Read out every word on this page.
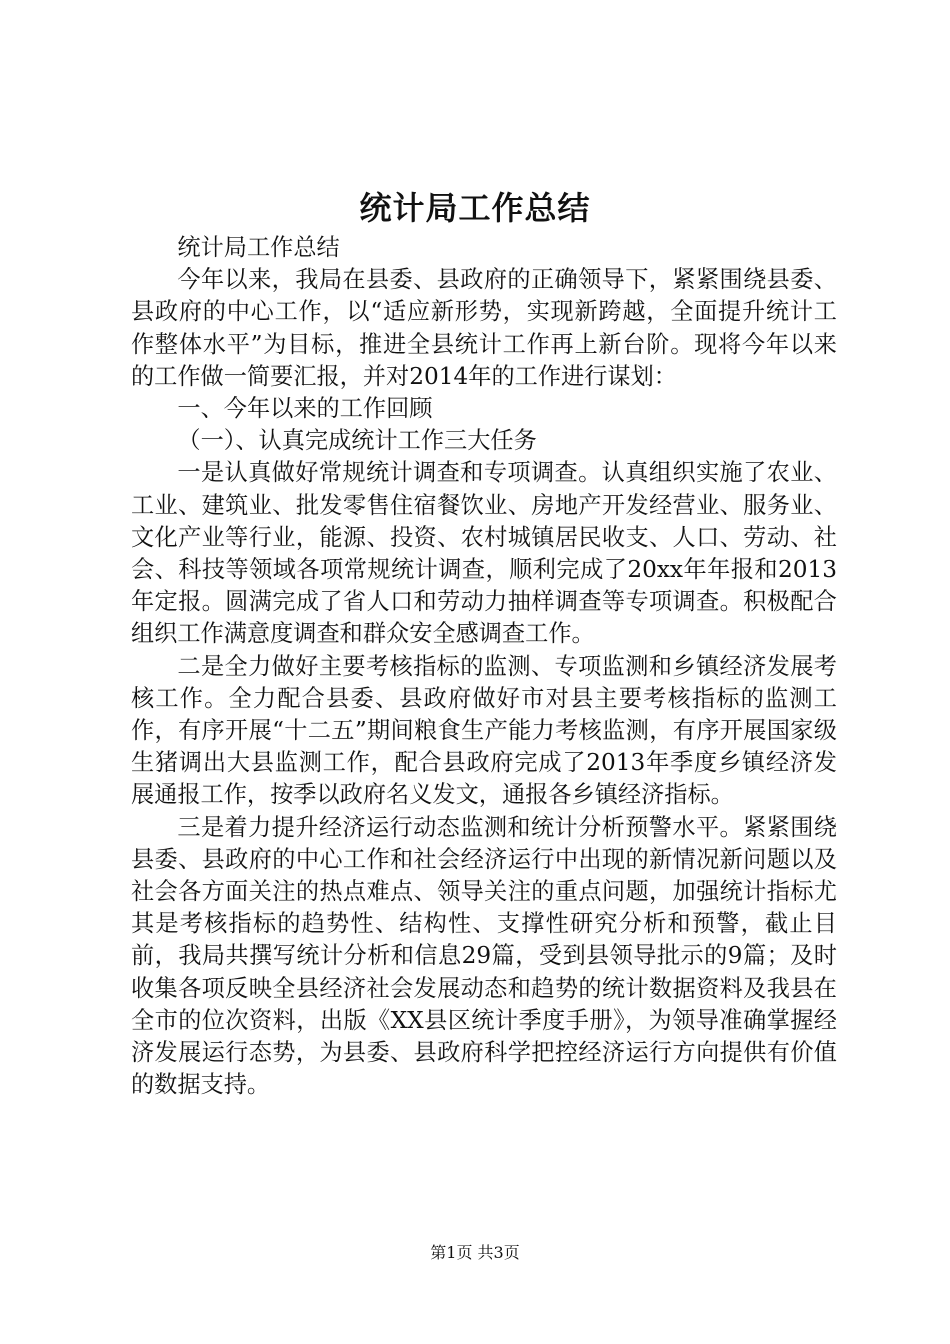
统计局工作总结

统计局工作总结

今年以来，我局在县委、县政府的正确领导下，紧紧围绕县委、县政府的中心工作，以“适应新形势，实现新跨越，全面提升统计工作整体水平”为目标，推进全县统计工作再上新台阶。现将今年以来的工作做一简要汇报，并对2014年的工作进行谋划：

一、今年以来的工作回顾

（一）、认真完成统计工作三大任务

一是认真做好常规统计调查和专项调查。认真组织实施了农业、工业、建筑业、批发零售住宿餐饮业、房地产开发经营业、服务业、文化产业等行业，能源、投资、农村城镇居民收支、人口、劳动、社会、科技等领域各项常规统计调查，顺利完成了20xx年年报和2013年定报。圆满完成了省人口和劳动力抽样调查等专项调查。积极配合组织工作满意度调查和群众安全感调查工作。

二是全力做好主要考核指标的监测、专项监测和乡镇经济发展考核工作。全力配合县委、县政府做好市对县主要考核指标的监测工作，有序开展“十二五”期间粮食生产能力考核监测，有序开展国家级生猪调出大县监测工作，配合县政府完成了2013年季度乡镇经济发展通报工作，按季以政府名义发文，通报各乡镇经济指标。

三是着力提升经济运行动态监测和统计分析预警水平。紧紧围绕县委、县政府的中心工作和社会经济运行中出现的新情况新问题以及社会各方面关注的热点难点、领导关注的重点问题，加强统计指标尤其是考核指标的趋势性、结构性、支撑性研究分析和预警，截止目前，我局共撰写统计分析和信息29篇，受到县领导批示的9篇；及时收集各项反映全县经济社会发展动态和趋势的统计数据资料及我县在全市的位次资料，出版《XX县区统计季度手册》，为领导准确掌握经济发展运行态势，为县委、县政府科学把控经济运行方向提供有价值的数据支持。

第1页 共3页
